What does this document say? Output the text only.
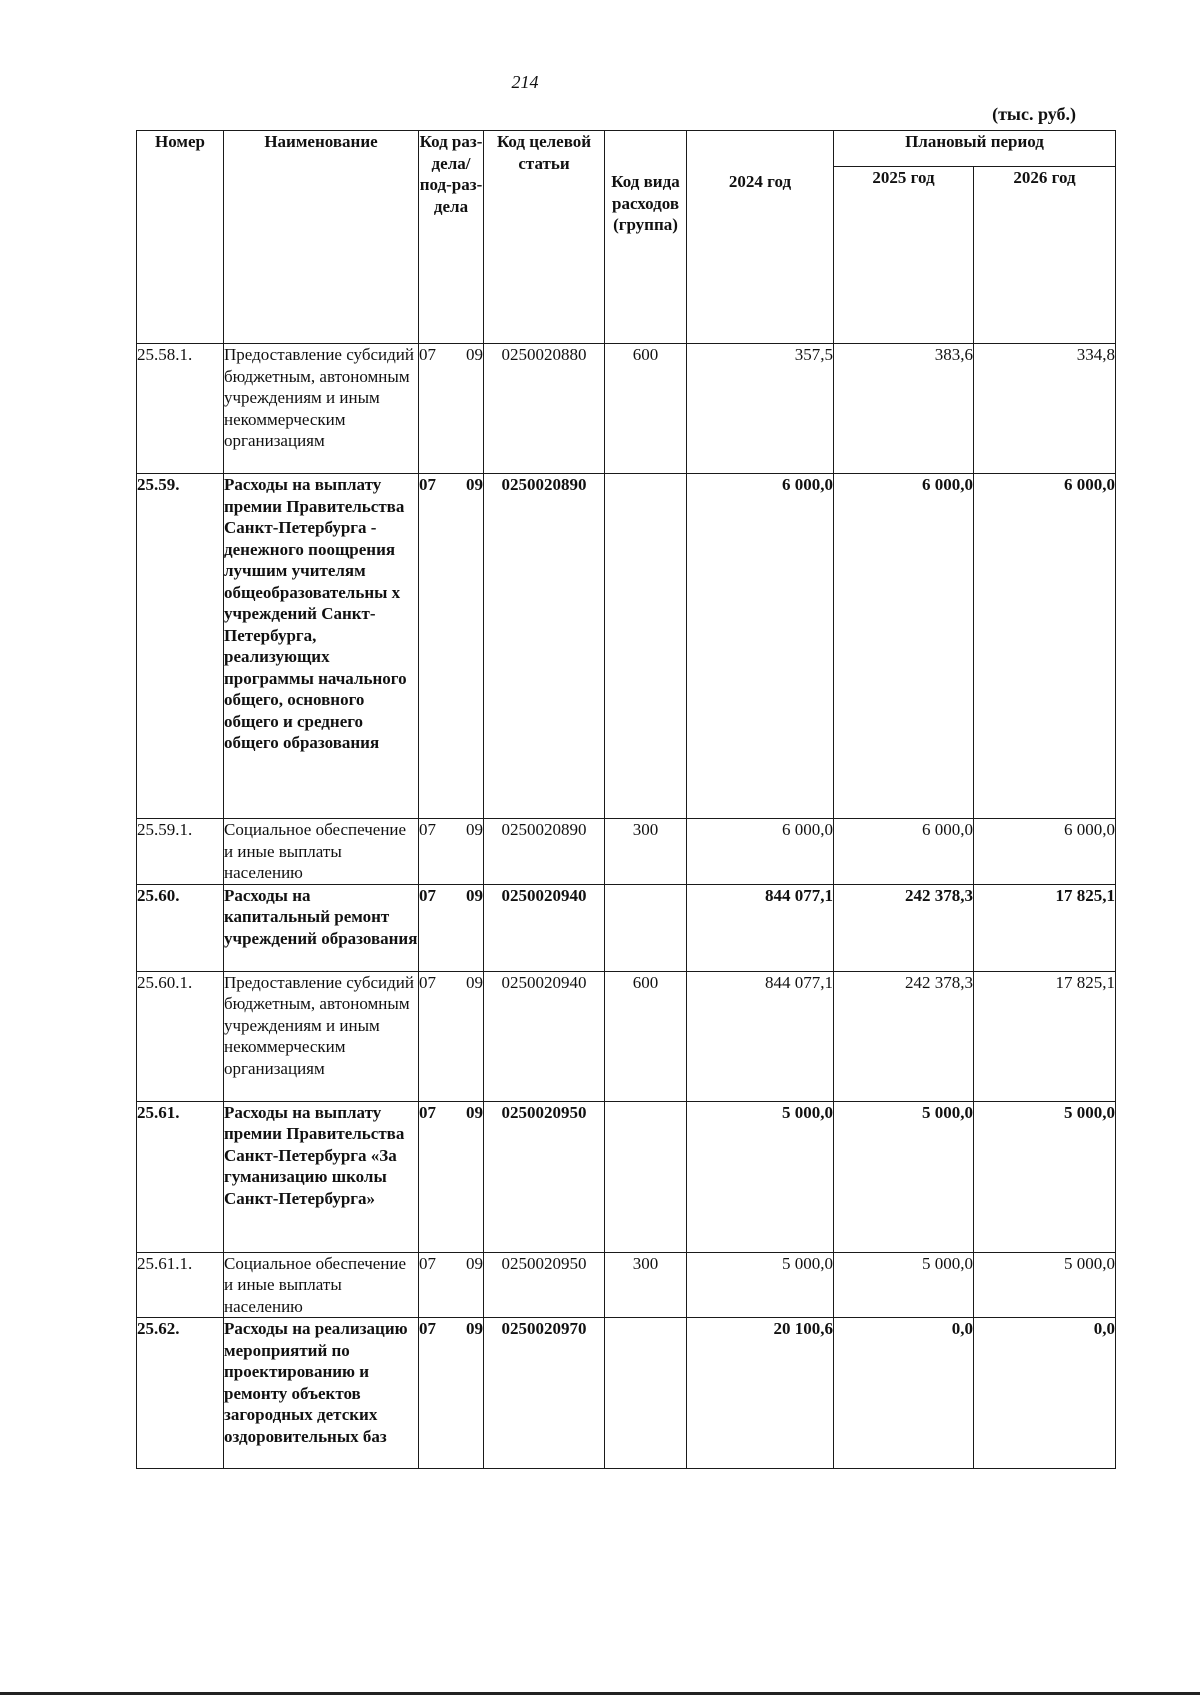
214
(тыс. руб.)
Номер	Наименование	Код раз-дела/ под-раз-дела	Код целевой статьи	Код вида расходов (группа)	2024 год	Плановый период	
						2025 год	2026 год
25.58.1.	Предоставление субсидий бюджетным, автономным учреждениям и иным некоммерческим организациям	07 09	0250020880	600	357,5	383,6	334,8
25.59.	Расходы на выплату премии Правительства Санкт-Петербурга - денежного поощрения лучшим учителям общеобразовательны х учреждений Санкт-Петербурга, реализующих программы начального общего, основного общего и среднего общего образования	07 09	0250020890		6 000,0	6 000,0	6 000,0
25.59.1.	Социальное обеспечение и иные выплаты населению	07 09	0250020890	300	6 000,0	6 000,0	6 000,0
25.60.	Расходы на капитальный ремонт учреждений образования	07 09	0250020940		844 077,1	242 378,3	17 825,1
25.60.1.	Предоставление субсидий бюджетным, автономным учреждениям и иным некоммерческим организациям	07 09	0250020940	600	844 077,1	242 378,3	17 825,1
25.61.	Расходы на выплату премии Правительства Санкт-Петербурга «За гуманизацию школы Санкт-Петербурга»	07 09	0250020950		5 000,0	5 000,0	5 000,0
25.61.1.	Социальное обеспечение и иные выплаты населению	07 09	0250020950	300	5 000,0	5 000,0	5 000,0
25.62.	Расходы на реализацию мероприятий по проектированию и ремонту объектов загородных детских оздоровительных баз	07 09	0250020970		20 100,6	0,0	0,0
